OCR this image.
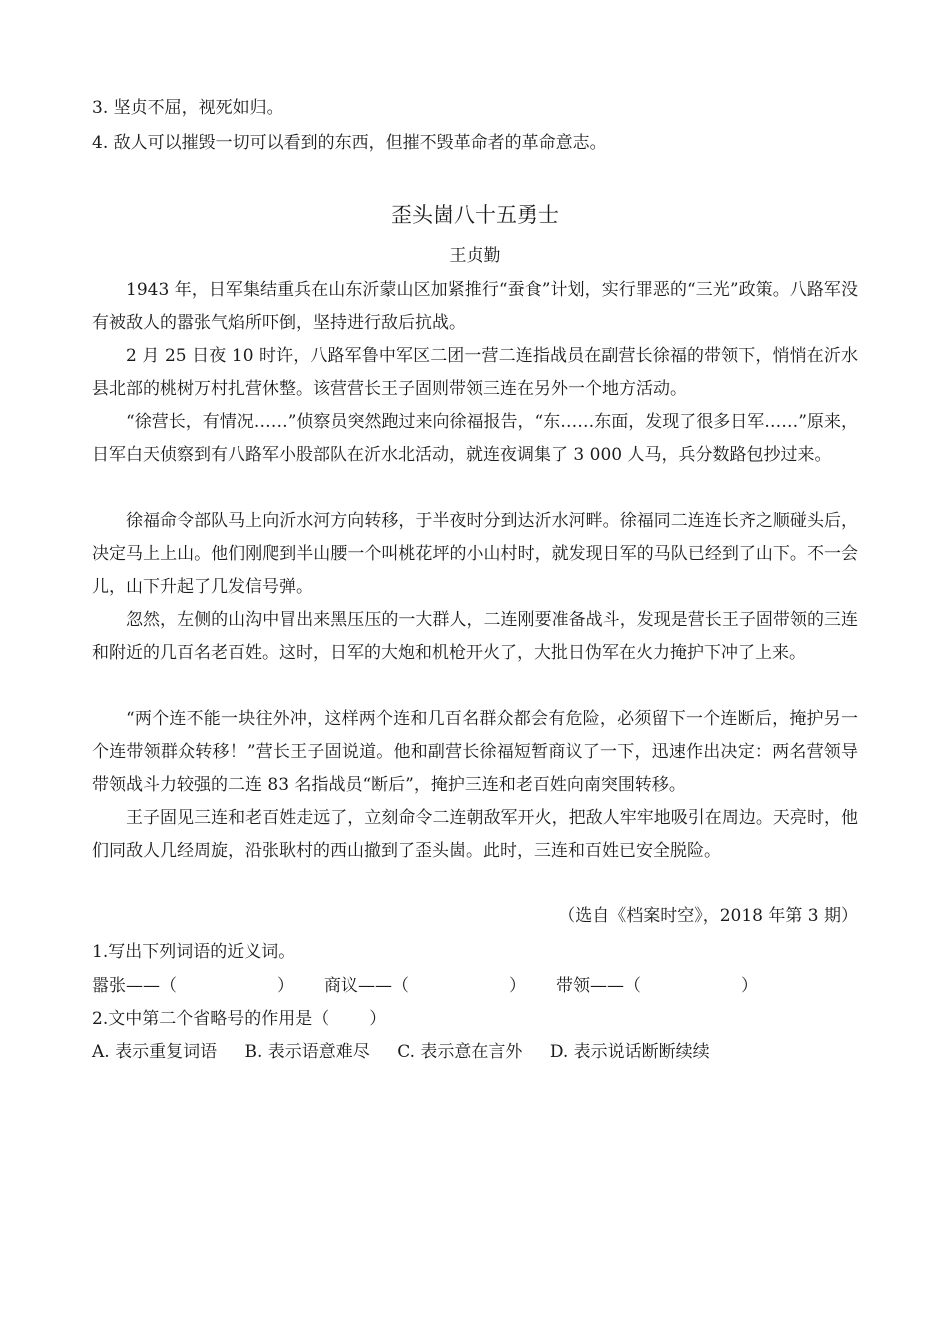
3. 坚贞不屈，视死如归。
4. 敌人可以摧毁一切可以看到的东西，但摧不毁革命者的革命意志。
歪头崮八十五勇士
王贞勤
1943 年，日军集结重兵在山东沂蒙山区加紧推行“蚕食”计划，实行罪恶的“三光”政策。八路军没有被敌人的嚣张气焰所吓倒，坚持进行敌后抗战。
2 月 25 日夜 10 时许，八路军鲁中军区二团一营二连指战员在副营长徐福的带领下，悄悄在沂水县北部的桃树万村扎营休整。该营营长王子固则带领三连在另外一个地方活动。
“徐营长，有情况……”侦察员突然跑过来向徐福报告，“东……东面，发现了很多日军……”原来，日军白天侦察到有八路军小股部队在沂水北活动，就连夜调集了 3 000 人马，兵分数路包抄过来。
徐福命令部队马上向沂水河方向转移，于半夜时分到达沂水河畔。徐福同二连连长齐之顺碰头后，决定马上上山。他们刚爬到半山腰一个叫桃花坪的小山村时，就发现日军的马队已经到了山下。不一会儿，山下升起了几发信号弹。
忽然，左侧的山沟中冒出来黑压压的一大群人，二连刚要准备战斗，发现是营长王子固带领的三连和附近的几百名老百姓。这时，日军的大炮和机枪开火了，大批日伪军在火力掩护下冲了上来。
“两个连不能一块往外冲，这样两个连和几百名群众都会有危险，必须留下一个连断后，掩护另一个连带领群众转移！”营长王子固说道。他和副营长徐福短暂商议了一下，迅速作出决定：两名营领导带领战斗力较强的二连 83 名指战员“断后”，掩护三连和老百姓向南突围转移。
王子固见三连和老百姓走远了，立刻命令二连朝敌军开火，把敌人牢牢地吸引在周边。天亮时，他们同敌人几经周旋，沿张耿村的西山撤到了歪头崮。此时，三连和百姓已安全脱险。
（选自《档案时空》，2018 年第 3 期）
1.写出下列词语的近义词。
嚣张——（	） 商议——（	） 带领——（	）
2.文中第二个省略号的作用是（ ）
A. 表示重复词语 B. 表示语意难尽 C. 表示意在言外 D. 表示说话断断续续
